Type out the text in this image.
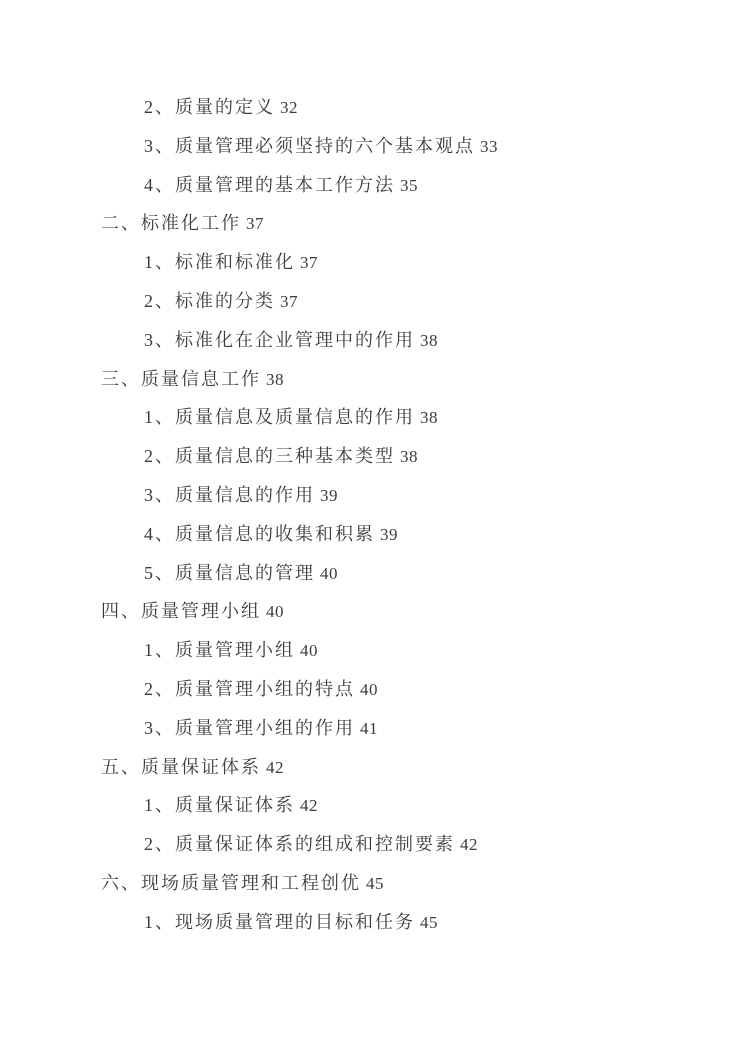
2、质量的定义 32
3、质量管理必须坚持的六个基本观点 33
4、质量管理的基本工作方法 35
二、标准化工作 37
1、标准和标准化 37
2、标准的分类 37
3、标准化在企业管理中的作用 38
三、质量信息工作 38
1、质量信息及质量信息的作用 38
2、质量信息的三种基本类型 38
3、质量信息的作用 39
4、质量信息的收集和积累 39
5、质量信息的管理 40
四、质量管理小组 40
1、质量管理小组 40
2、质量管理小组的特点 40
3、质量管理小组的作用 41
五、质量保证体系 42
1、质量保证体系 42
2、质量保证体系的组成和控制要素 42
六、现场质量管理和工程创优 45
1、现场质量管理的目标和任务 45
